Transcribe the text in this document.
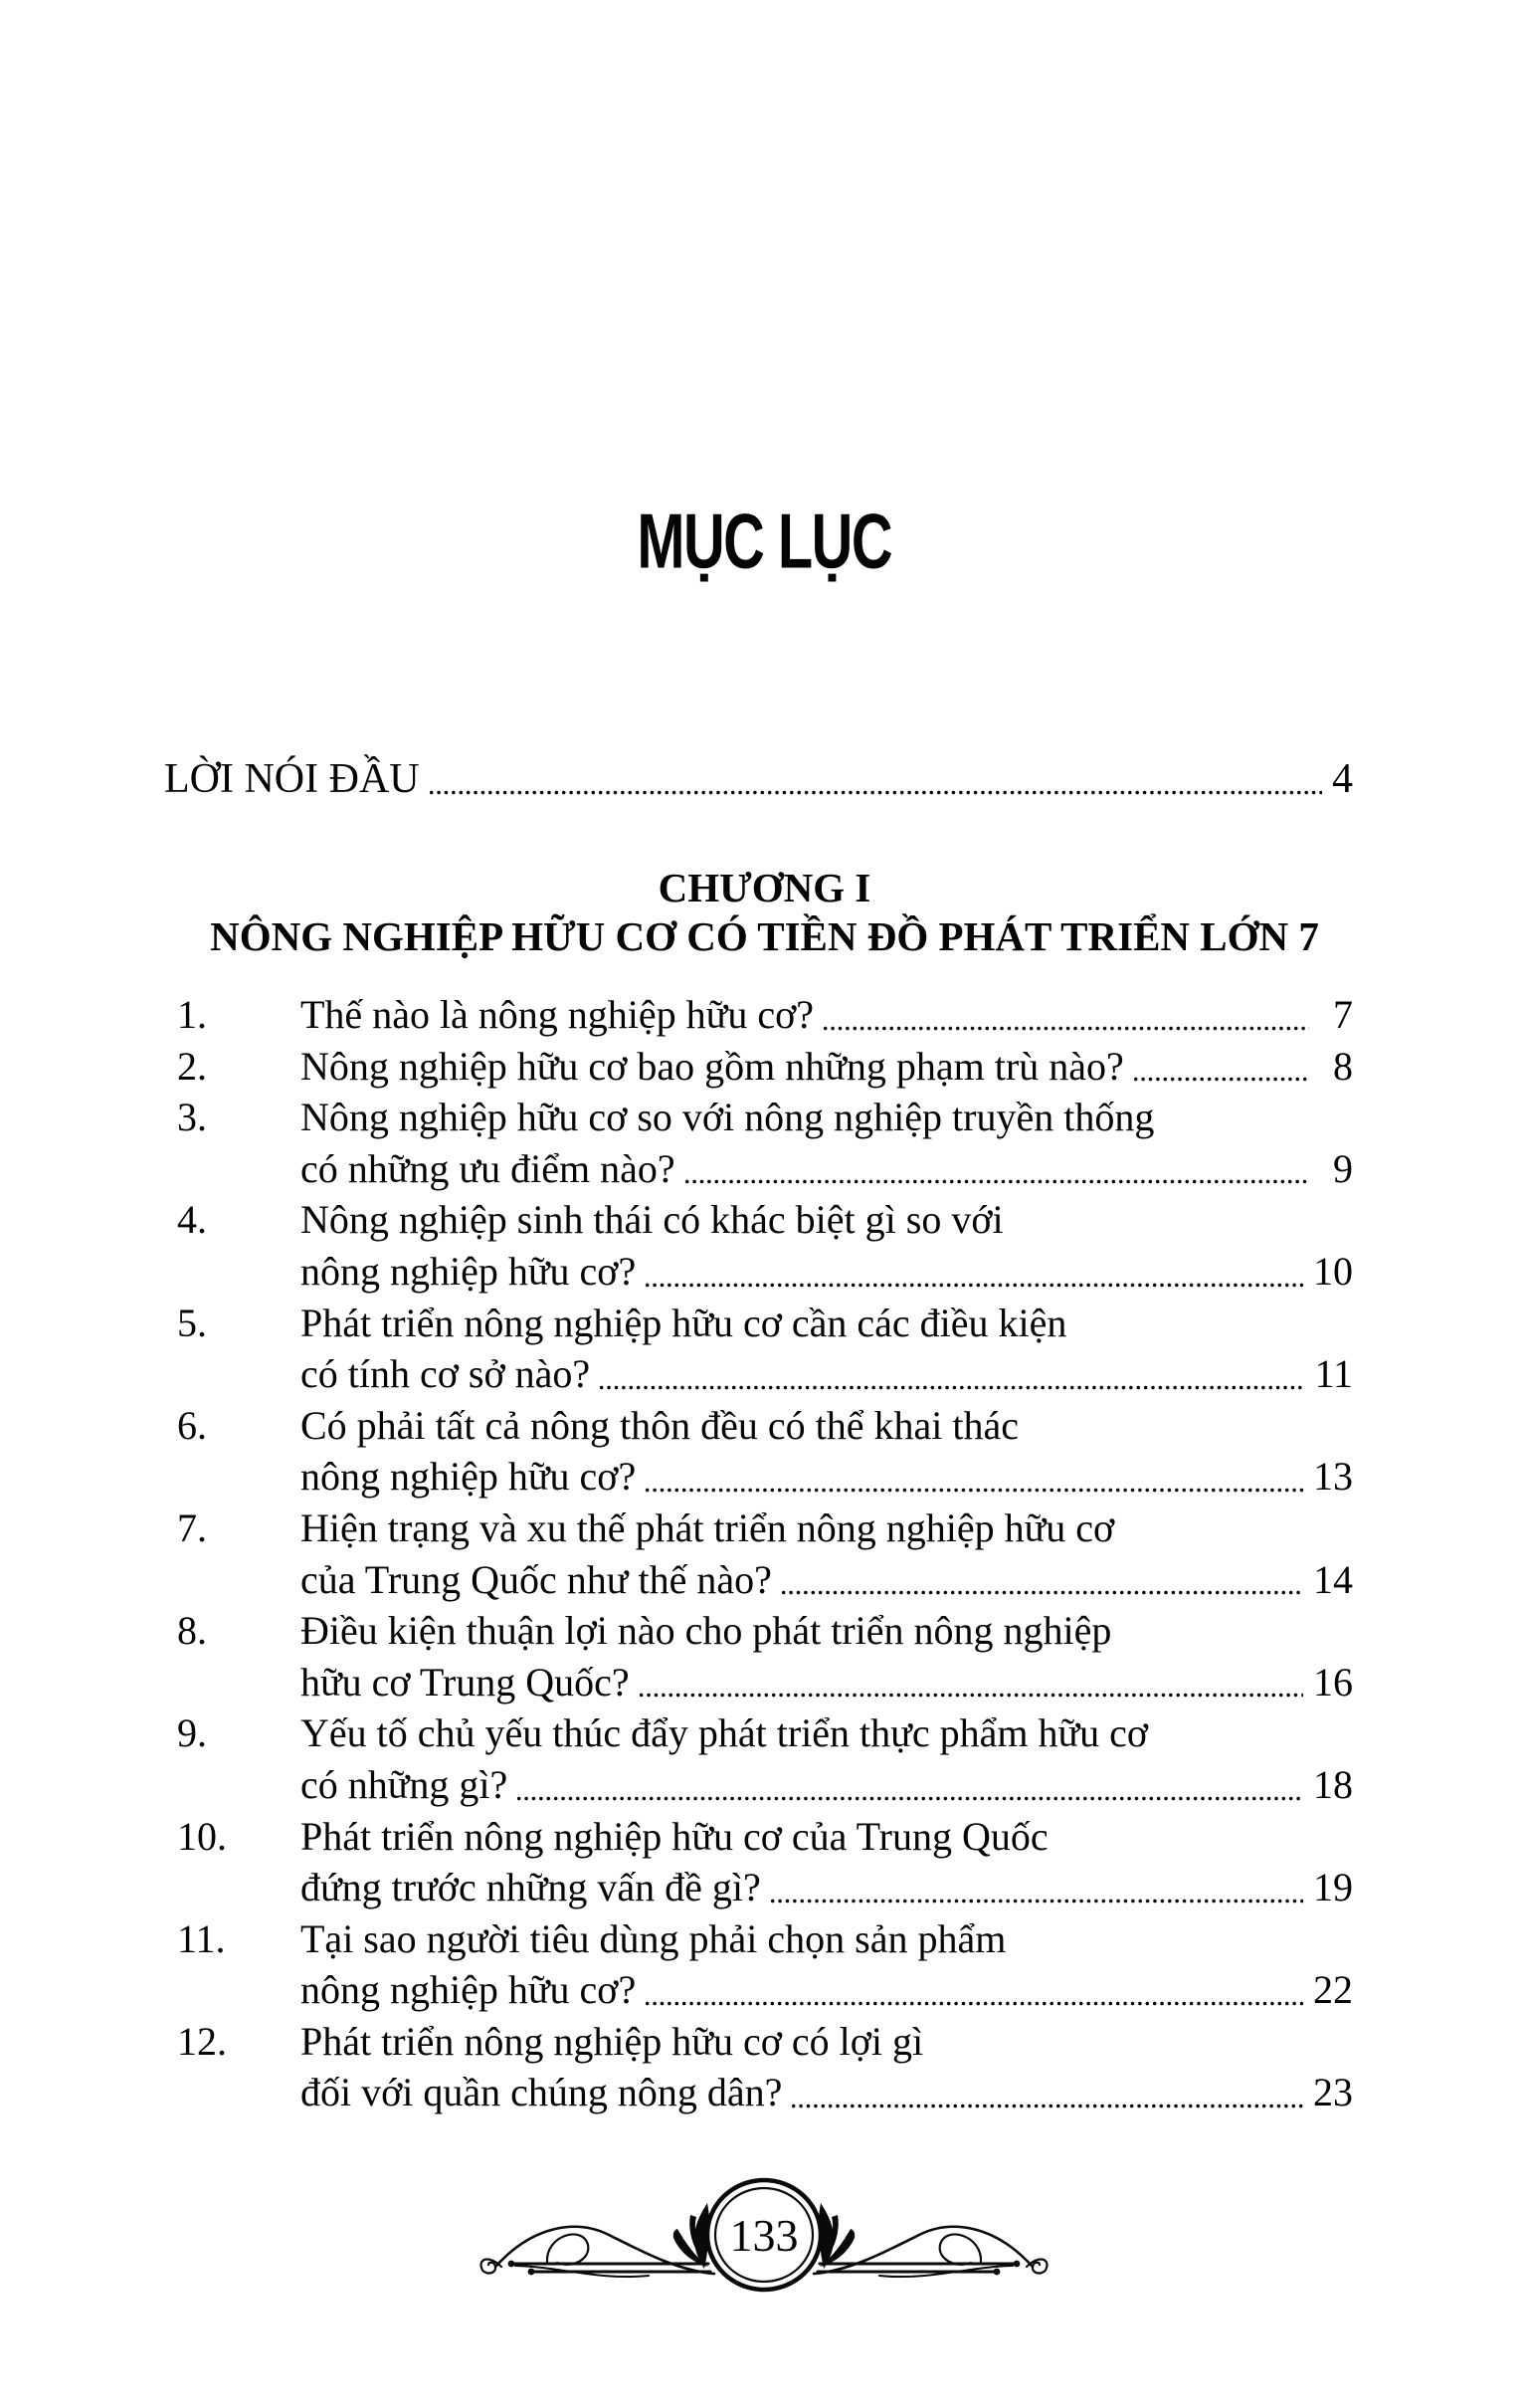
MỤC LỤC
LỜI NÓI ĐẦU	4
CHƯƠNG I
NÔNG NGHIỆP HỮU CƠ CÓ TIỀN ĐỒ PHÁT TRIỂN LỚN 7
1.	Thế nào là nông nghiệp hữu cơ?	7
2.	Nông nghiệp hữu cơ bao gồm những phạm trù nào?	8
3.	Nông nghiệp hữu cơ so với nông nghiệp truyền thống
có những ưu điểm nào?	9
4.	Nông nghiệp sinh thái có khác biệt gì so với
nông nghiệp hữu cơ?	10
5.	Phát triển nông nghiệp hữu cơ cần các điều kiện
có tính cơ sở nào?	11
6.	Có phải tất cả nông thôn đều có thể khai thác
nông nghiệp hữu cơ?	13
7.	Hiện trạng và xu thế phát triển nông nghiệp hữu cơ
của Trung Quốc như thế nào?	14
8.	Điều kiện thuận lợi nào cho phát triển nông nghiệp
hữu cơ Trung Quốc?	16
9.	Yếu tố chủ yếu thúc đẩy phát triển thực phẩm hữu cơ
có những gì?	18
10.	Phát triển nông nghiệp hữu cơ của Trung Quốc
đứng trước những vấn đề gì?	19
11.	Tại sao người tiêu dùng phải chọn sản phẩm
nông nghiệp hữu cơ?	22
12.	Phát triển nông nghiệp hữu cơ có lợi gì
đối với quần chúng nông dân?	23
133
